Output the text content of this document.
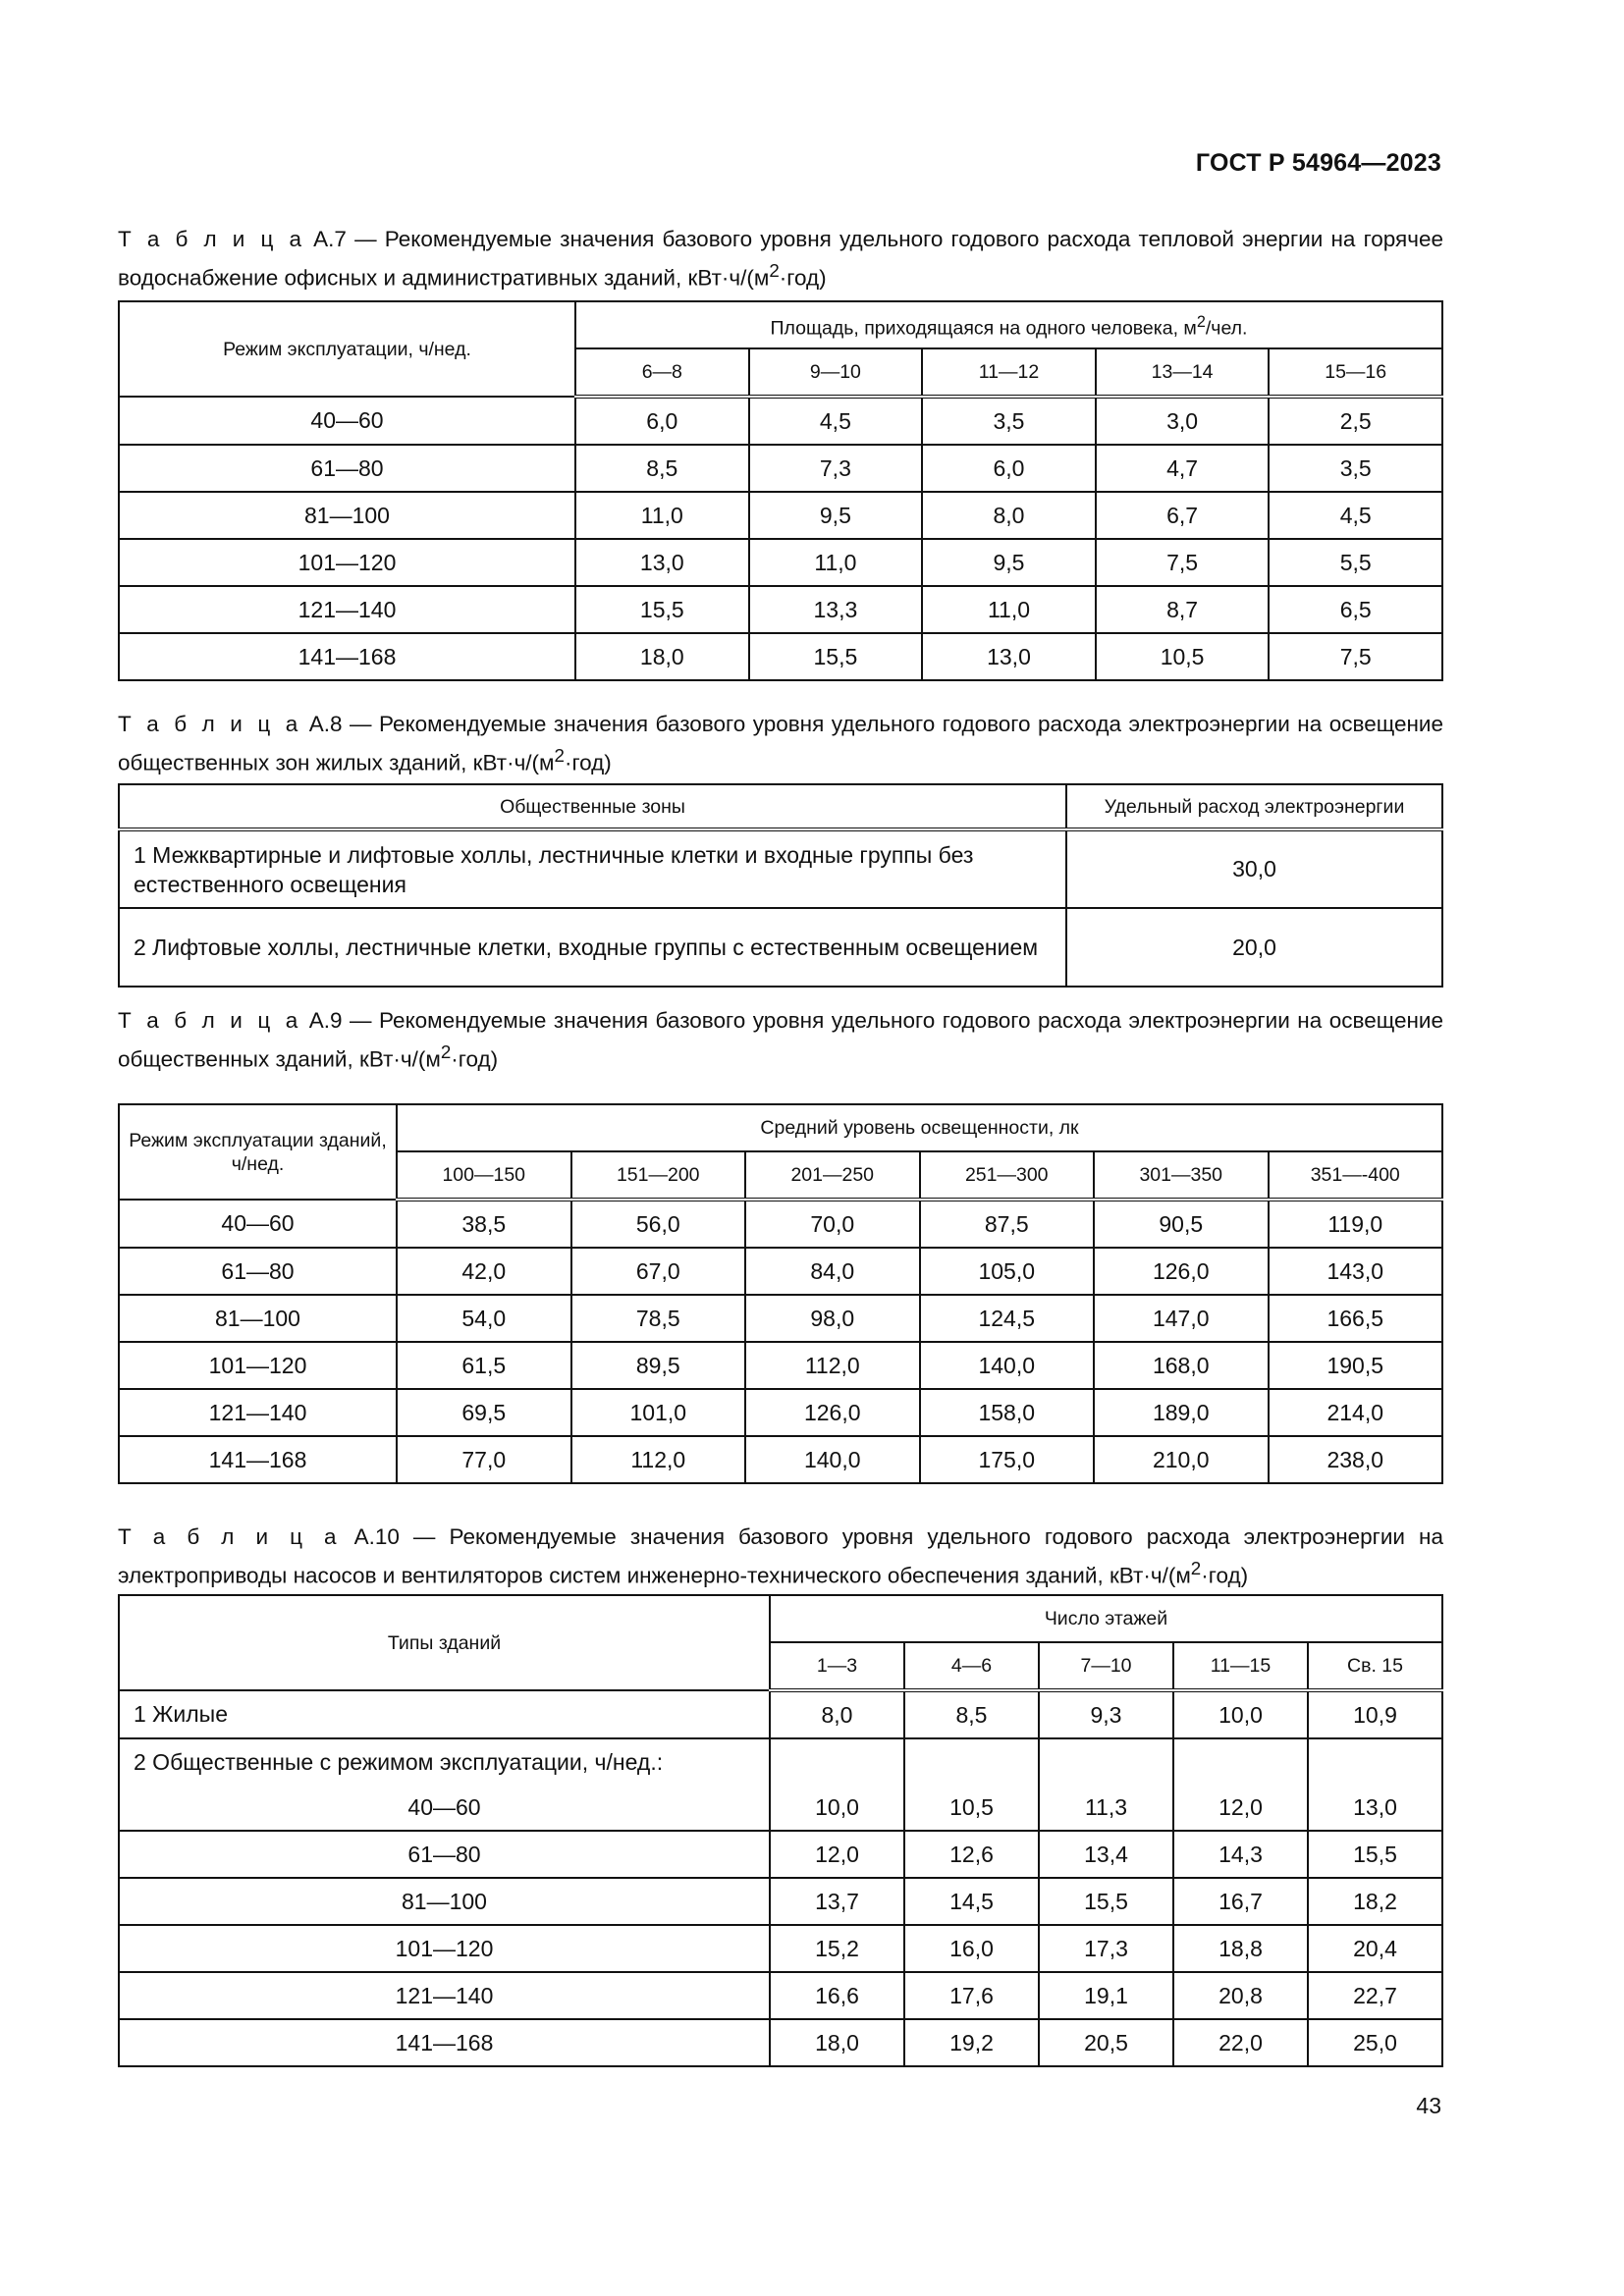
ГОСТ Р 54964—2023
Т а б л и ц а А.7 — Рекомендуемые значения базового уровня удельного годового расхода тепловой энергии на горячее водоснабжение офисных и административных зданий, $кВт\cdot ч/(м^2\cdot год)$
Режим эксплуатации, ч/нед.	Площадь, приходящаяся на одного человека, $м^2$/чел.				
	6—8	9—10	11—12	13—14	15—16
40—60	6,0	4,5	3,5	3,0	2,5
61—80	8,5	7,3	6,0	4,7	3,5
81—100	11,0	9,5	8,0	6,7	4,5
101—120	13,0	11,0	9,5	7,5	5,5
121—140	15,5	13,3	11,0	8,7	6,5
141—168	18,0	15,5	13,0	10,5	7,5
Т а б л и ц а А.8 — Рекомендуемые значения базового уровня удельного годового расхода электроэнергии на освещение общественных зон жилых зданий, $кВт\cdot ч/(м^2\cdot год)$
Общественные зоны	Удельный расход электроэнергии
1 Межквартирные и лифтовые холлы, лестничные клетки и входные группы без естественного освещения	30,0
2 Лифтовые холлы, лестничные клетки, входные группы с естественным освещением	20,0
Т а б л и ц а А.9 — Рекомендуемые значения базового уровня удельного годового расхода электроэнергии на освещение общественных зданий, $кВт\cdot ч/(м^2\cdot год)$
Режим эксплуатации зданий, ч/нед.	Средний уровень освещенности, лк					
	100—150	151—200	201—250	251—300	301—350	351—-400
40—60	38,5	56,0	70,0	87,5	90,5	119,0
61—80	42,0	67,0	84,0	105,0	126,0	143,0
81—100	54,0	78,5	98,0	124,5	147,0	166,5
101—120	61,5	89,5	112,0	140,0	168,0	190,5
121—140	69,5	101,0	126,0	158,0	189,0	214,0
141—168	77,0	112,0	140,0	175,0	210,0	238,0
Т а б л и ц а А.10 — Рекомендуемые значения базового уровня удельного годового расхода электроэнергии на электроприводы насосов и вентиляторов систем инженерно-технического обеспечения зданий, $кВт\cdot ч/(м^2\cdot год)$
Типы зданий	Число этажей				
	1—3	4—6	7—10	11—15	Св. 15
1 Жилые	8,0	8,5	9,3	10,0	10,9
2 Общественные с режимом эксплуатации, ч/нед.:					
40—60	10,0	10,5	11,3	12,0	13,0
61—80	12,0	12,6	13,4	14,3	15,5
81—100	13,7	14,5	15,5	16,7	18,2
101—120	15,2	16,0	17,3	18,8	20,4
121—140	16,6	17,6	19,1	20,8	22,7
141—168	18,0	19,2	20,5	22,0	25,0
43
